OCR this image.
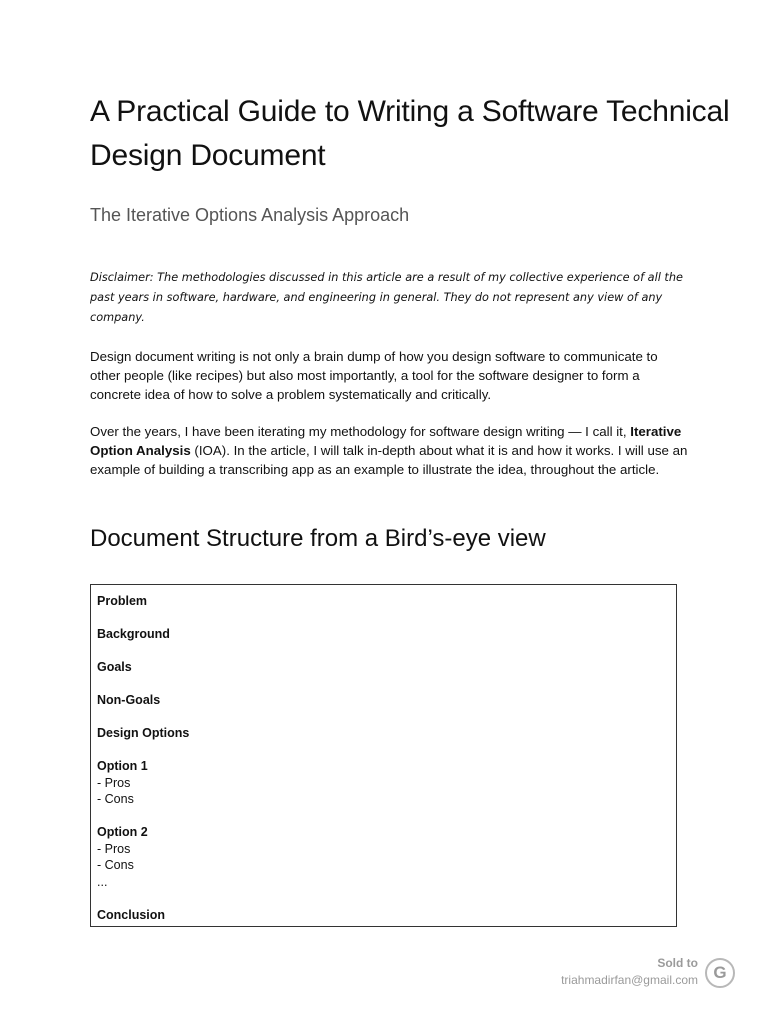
A Practical Guide to Writing a Software Technical Design Document
The Iterative Options Analysis Approach

Disclaimer: The methodologies discussed in this article are a result of my collective experience of all the past years in software, hardware, and engineering in general. They do not represent any view of any company.

Design document writing is not only a brain dump of how you design software to communicate to other people (like recipes) but also most importantly, a tool for the software designer to form a concrete idea of how to solve a problem systematically and critically.

Over the years, I have been iterating my methodology for software design writing — I call it, Iterative Option Analysis (IOA). In the article, I will talk in-depth about what it is and how it works. I will use an example of building a transcribing app as an example to illustrate the idea, throughout the article.

Document Structure from a Bird’s-eye view
Problem
Background
Goals
Non-Goals
Design Options
Option 1
- Pros
- Cons
Option 2
- Pros
- Cons
...
Conclusion
Sold to
triahmadirfan@gmail.com G
